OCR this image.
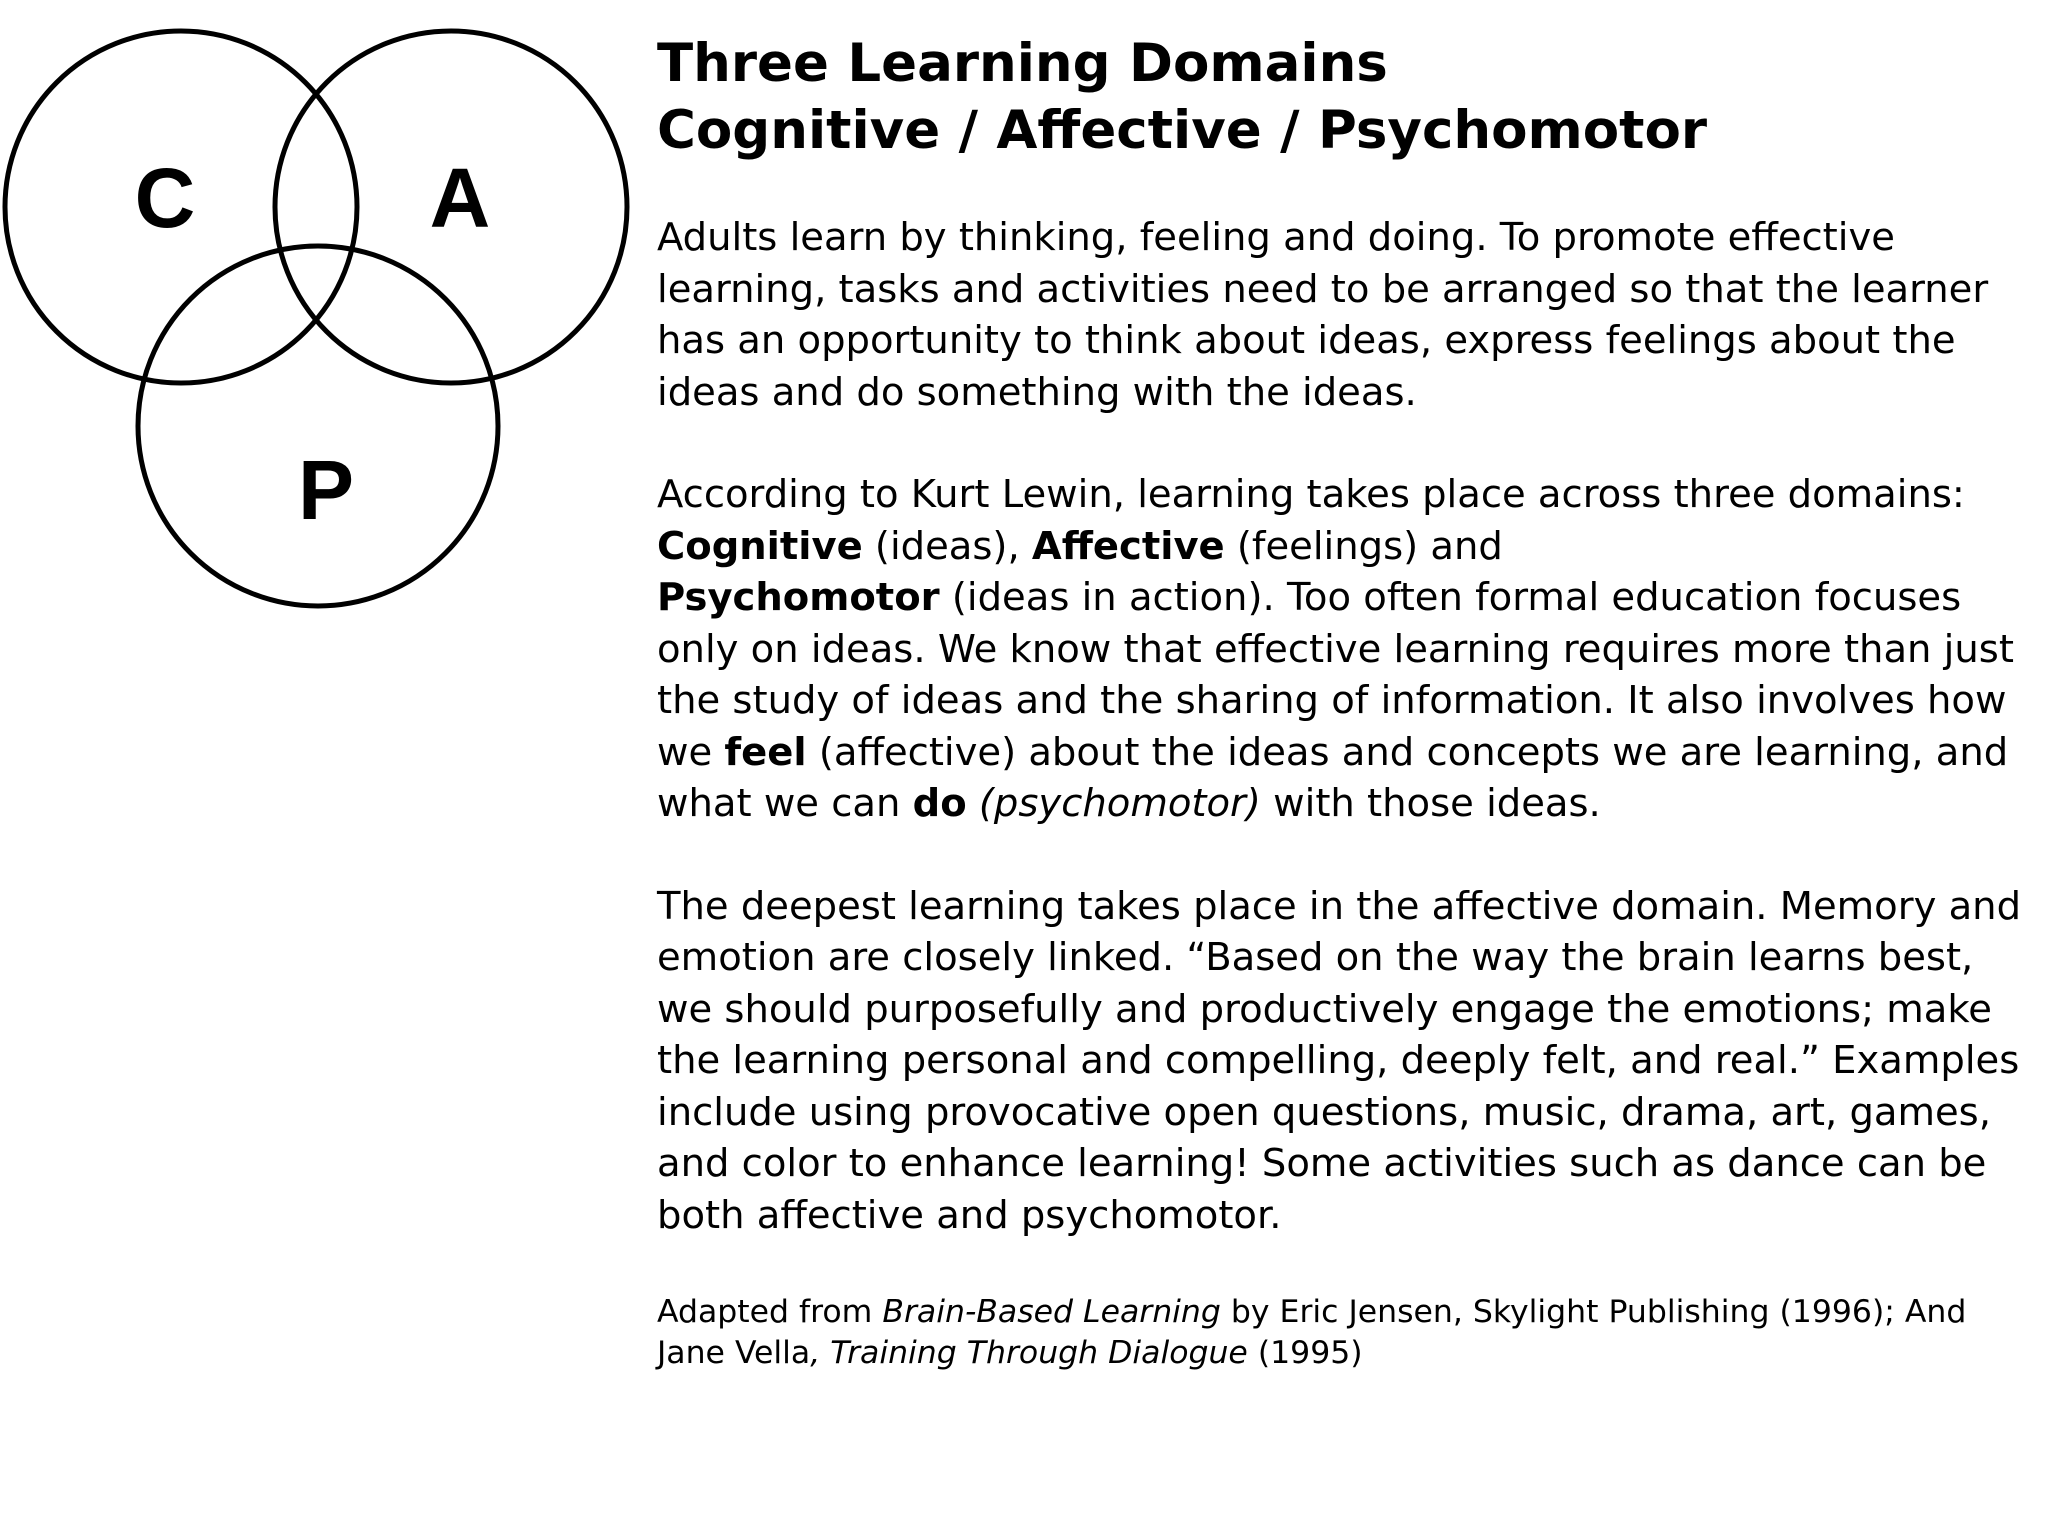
C	A
P
Three Learning Domains
Cognitive / Affective / Psychomotor

Adults learn by thinking, feeling and doing. To promote effective learning, tasks and activities need to be arranged so that the learner has an opportunity to think about ideas, express feelings about the ideas and do something with the ideas.

According to Kurt Lewin, learning takes place across three domains: Cognitive (ideas), Affective (feelings) and
Psychomotor (ideas in action). Too often formal education focuses only on ideas. We know that effective learning requires more than just the study of ideas and the sharing of information. It also involves how we feel (affective) about the ideas and concepts we are learning, and what we can do (psychomotor) with those ideas.

The deepest learning takes place in the affective domain. Memory and emotion are closely linked. “Based on the way the brain learns best, we should purposefully and productively engage the emotions; make the learning personal and compelling, deeply felt, and real.” Examples include using provocative open questions, music, drama, art, games, and color to enhance learning! Some activities such as dance can be both affective and psychomotor.

Adapted from Brain-Based Learning by Eric Jensen, Skylight Publishing (1996); And Jane Vella, Training Through Dialogue (1995)
